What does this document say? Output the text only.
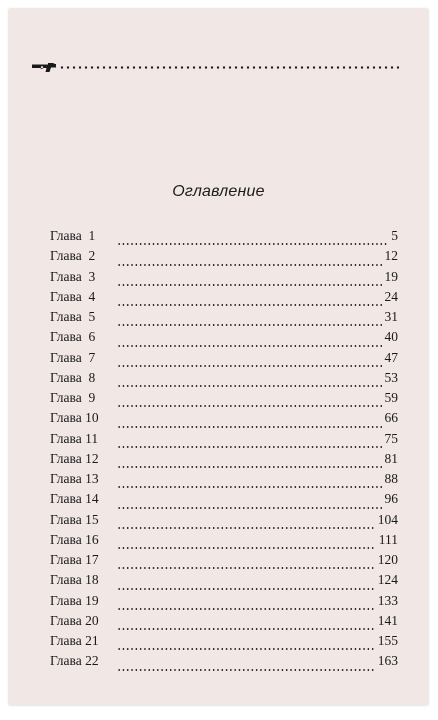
Оглавление
Глава  1	5
Глава  2	12
Глава  3	19
Глава  4	24
Глава  5	31
Глава  6	40
Глава  7	47
Глава  8	53
Глава  9	59
Глава 10	66
Глава 11	75
Глава 12	81
Глава 13	88
Глава 14	96
Глава 15	104
Глава 16	111
Глава 17	120
Глава 18	124
Глава 19	133
Глава 20	141
Глава 21	155
Глава 22	163
